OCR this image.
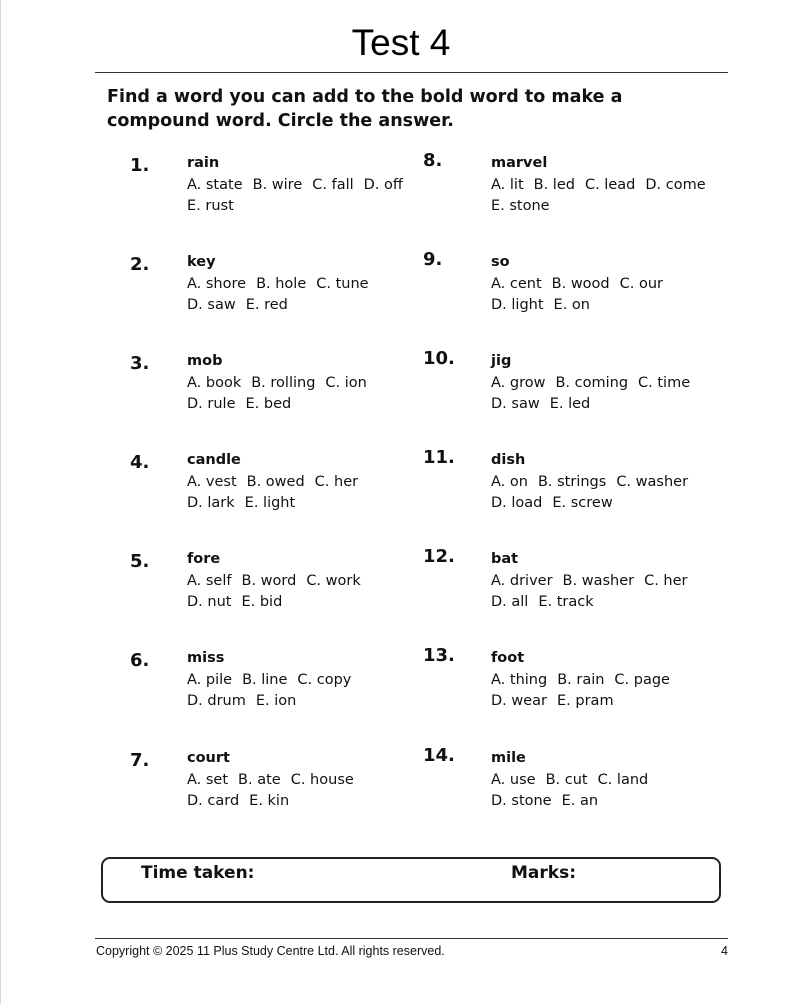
Test 4
Find a word you can add to the bold word to make a compound word. Circle the answer.
1.	rain
A. state B. wire C. fall D. off
E. rust
2.	key
A. shore B. hole C. tune
D. saw E. red
3.	mob
A. book B. rolling C. ion
D. rule E. bed
4.	candle
A. vest B. owed C. her
D. lark E. light
5.	fore
A. self B. word C. work
D. nut E. bid
6.	miss
A. pile B. line C. copy
D. drum E. ion
7.	court
A. set B. ate C. house
D. card E. kin
8.	marvel
A. lit B. led C. lead D. come
E. stone
9.	so
A. cent B. wood C. our
D. light E. on
10. jig
A. grow B. coming C. time
D. saw E. led
11. dish
A. on B. strings C. washer
D. load E. screw
12. bat
A. driver B. washer C. her
D. all E. track
13. foot
A. thing B. rain C. page
D. wear E. pram
14. mile
A. use B. cut C. land
D. stone E. an
Time taken:	Marks:
Copyright © 2025 11 Plus Study Centre Ltd. All rights reserved.	4
